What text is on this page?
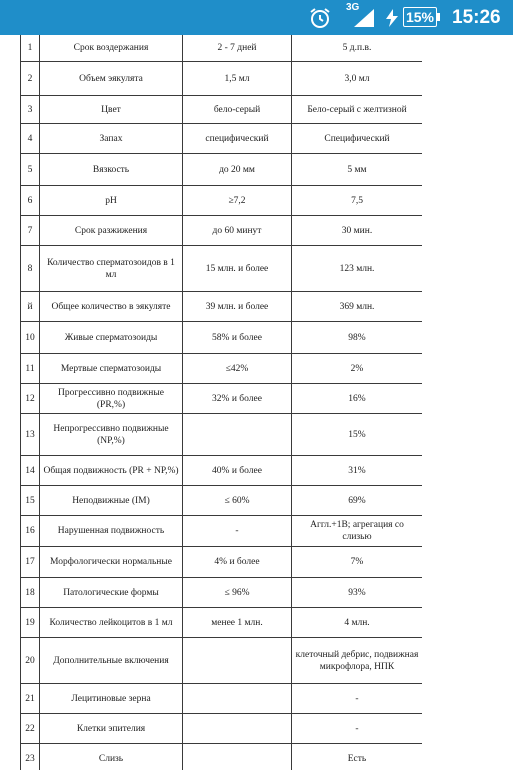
3G
15% 15:26
1	Срок воздержания	2 - 7 дней	5 д.п.в.
2	Объем эякулята	1,5 мл	3,0 мл
3	Цвет	бело-серый	Бело-серый с желтизной
4	Запах	специфический	Специфический
5	Вязкость	до 20 мм	5 мм
6	pH	≥7,2	7,5
7	Срок разжижения	до 60 минут	30 мин.
8	Количество сперматозоидов в 1 мл	15 млн. и более	123 млн.
й	Общее количество в эякуляте	39 млн. и более	369 млн.
10	Живые сперматозоиды	58% и более	98%
11	Мертвые сперматозоиды	≤42%	2%
12	Прогрессивно подвижные (PR,%)	32% и более	16%
13	Непрогрессивно подвижные (NP,%)		15%
14	Общая подвижность (PR + NP,%)	40% и более	31%
15	Неподвижные (IM)	≤ 60%	69%
16	Нарушенная подвижность	-	Аггл.+1В; агрегация со слизью
17	Морфологически нормальные	4% и более	7%
18	Патологические формы	≤ 96%	93%
19	Количество лейкоцитов в 1 мл	менее 1 млн.	4 млн.
20	Дополнительные включения		клеточный дебрис, подвижная микрофлора, НПК
21	Лецитиновые зерна		-
22	Клетки эпителия		-
23	Слизь		Есть
